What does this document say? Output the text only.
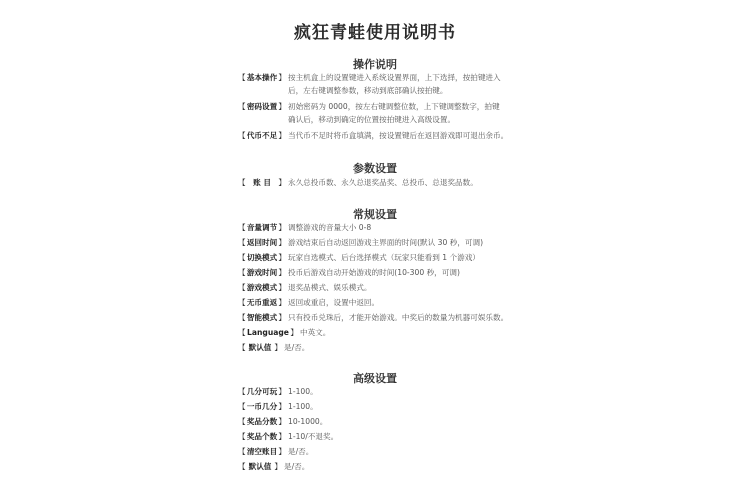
疯狂青蛙使用说明书
操作说明
【 基本操作 】 按主机盒上的设置键进入系统设置界面，上下选择，按拍键进入
后，左右键调整参数，移动到底部确认按拍键。
【 密码设置 】 初始密码为 0000，按左右键调整位数，上下键调整数字，拍键
确认后，移动到确定的位置按拍键进入高级设置。
【 代币不足 】 当代币不足时将币盒填满，按设置键后在返回游戏即可退出余币。
参数设置
【 账 目 】 永久总投币数、永久总退奖品奖、总投币、总退奖品数。
常规设置
【 音量调节 】 调整游戏的音量大小 0-8
【 返回时间 】 游戏结束后自动返回游戏主界面的时间(默认 30 秒，可调)
【 切换模式 】 玩家自选模式、后台选择模式（玩家只能看到 1 个游戏）
【 游戏时间 】 投币后游戏自动开始游戏的时间(10-300 秒，可调)
【 游戏模式 】 退奖品模式、娱乐模式。
【 无币重返 】 返回或重启，设置中返回。
【 智能模式 】 只有投币兑珠后，才能开始游戏。中奖后的数量为机器可娱乐数。
【 Language 】 中英文。
【 默认值 】 是/否。
高级设置
【 几分可玩 】 1-100。
【 一币几分 】 1-100。
【 奖品分数 】 10-1000。
【 奖品个数 】 1-10/不退奖。
【 清空账目 】 是/否。
【 默认值 】 是/否。
